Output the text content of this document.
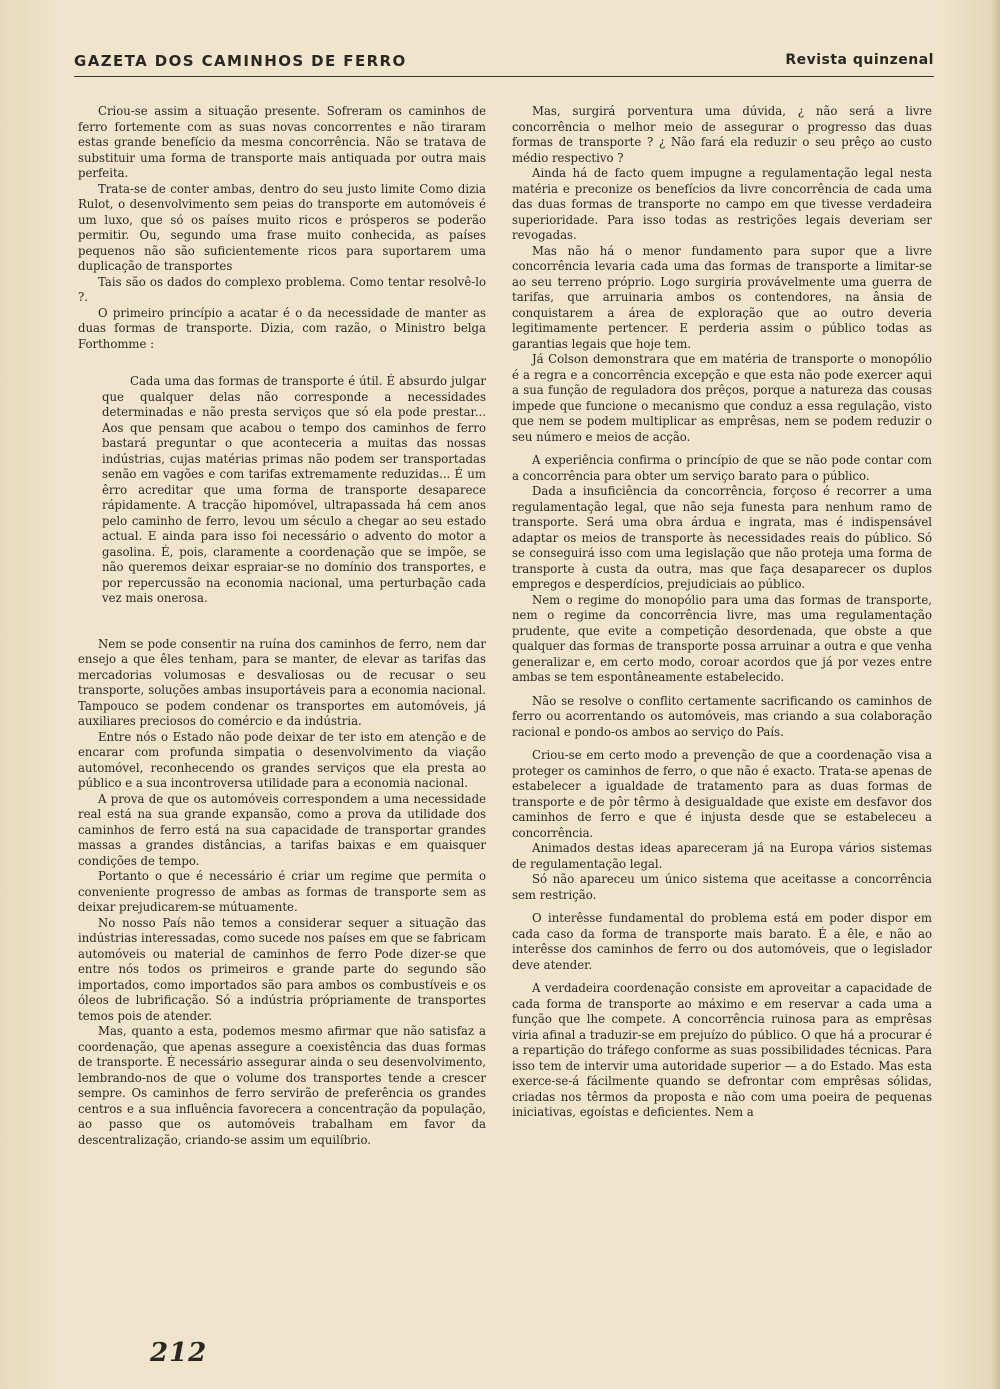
GAZETA DOS CAMINHOS DE FERRO	Revista quinzenal

Criou-se assim a situação presente. Sofreram os caminhos de ferro fortemente com as suas novas concorrentes e não tiraram estas grande benefício da mesma concorrência. Não se tratava de substituir uma forma de transporte mais antiquada por outra mais perfeita.

Trata-se de conter ambas, dentro do seu justo limite Como dizia Rulot, o desenvolvimento sem peias do transporte em automóveis é um luxo, que só os países muito ricos e prósperos se poderão permitir. Ou, segundo uma frase muito conhecida, as países pequenos não são suficientemente ricos para suportarem uma duplicação de transportes

Tais são os dados do complexo problema. Como tentar resolvê-lo ?.

O primeiro princípio a acatar é o da necessidade de manter as duas formas de transporte. Dizia, com razão, o Ministro belga Forthomme :

Cada uma das formas de transporte é útil. É absurdo julgar que qualquer delas não corresponde a necessidades determinadas e não presta serviços que só ela pode prestar... Aos que pensam que acabou o tempo dos caminhos de ferro bastará preguntar o que aconteceria a muitas das nossas indústrias, cujas matérias primas não podem ser transportadas senão em vagões e com tarifas extremamente reduzidas... É um êrro acreditar que uma forma de transporte desaparece rápidamente. A tracção hipomóvel, ultrapassada há cem anos pelo caminho de ferro, levou um século a chegar ao seu estado actual. E ainda para isso foi necessário o advento do motor a gasolina. É, pois, claramente a coordenação que se impõe, se não queremos deixar espraiar-se no domínio dos transportes, e por repercussão na economia nacional, uma perturbação cada vez mais onerosa.

Nem se pode consentir na ruína dos caminhos de ferro, nem dar ensejo a que êles tenham, para se manter, de elevar as tarifas das mercadorias volumosas e desvaliosas ou de recusar o seu transporte, soluções ambas insuportáveis para a economia nacional. Tampouco se podem condenar os transportes em automóveis, já auxiliares preciosos do comércio e da indústria.

Entre nós o Estado não pode deixar de ter isto em atenção e de encarar com profunda simpatia o desenvolvimento da viação automóvel, reconhecendo os grandes serviços que ela presta ao público e a sua incontroversa utilidade para a economia nacional.

A prova de que os automóveis correspondem a uma necessidade real está na sua grande expansão, como a prova da utilidade dos caminhos de ferro está na sua capacidade de transportar grandes massas a grandes distâncias, a tarifas baixas e em quaisquer condições de tempo.

Portanto o que é necessário é criar um regime que permita o conveniente progresso de ambas as formas de transporte sem as deixar prejudicarem-se mútuamente.

No nosso País não temos a considerar sequer a situação das indústrias interessadas, como sucede nos países em que se fabricam automóveis ou material de caminhos de ferro Pode dizer-se que entre nós todos os primeiros e grande parte do segundo são importados, como importados são para ambos os combustíveis e os óleos de lubrificação. Só a indústria própriamente de transportes temos pois de atender.

Mas, quanto a esta, podemos mesmo afirmar que não satisfaz a coordenação, que apenas assegure a coexistência das duas formas de transporte. É necessário assegurar ainda o seu desenvolvimento, lembrando-nos de que o volume dos transportes tende a crescer sempre. Os caminhos de ferro servirão de preferência os grandes centros e a sua influência favorecera a concentração da população, ao passo que os automóveis trabalham em favor da descentralização, criando-se assim um equilíbrio.

Mas, surgirá porventura uma dúvida, ¿ não será a livre concorrência o melhor meio de assegurar o progresso das duas formas de transporte ? ¿ Não fará ela reduzir o seu prêço ao custo médio respectivo ?

Ainda há de facto quem impugne a regulamentação legal nesta matéria e preconize os benefícios da livre concorrência de cada uma das duas formas de transporte no campo em que tivesse verdadeira superioridade. Para isso todas as restrições legais deveriam ser revogadas.

Mas não há o menor fundamento para supor que a livre concorrência levaria cada uma das formas de transporte a limitar-se ao seu terreno próprio. Logo surgiria provávelmente uma guerra de tarifas, que arruinaria ambos os contendores, na ânsia de conquistarem a área de exploração que ao outro deveria legitimamente pertencer. E perderia assim o público todas as garantias legais que hoje tem.

Já Colson demonstrara que em matéria de transporte o monopólio é a regra e a concorrência excepção e que esta não pode exercer aqui a sua função de reguladora dos prêços, porque a natureza das cousas impede que funcione o mecanismo que conduz a essa regulação, visto que nem se podem multiplicar as emprêsas, nem se podem reduzir o seu número e meios de acção.

A experiência confirma o princípio de que se não pode contar com a concorrência para obter um serviço barato para o público.

Dada a insuficiência da concorrência, forçoso é recorrer a uma regulamentação legal, que não seja funesta para nenhum ramo de transporte. Será uma obra árdua e ingrata, mas é indispensável adaptar os meios de transporte às necessidades reais do público. Só se conseguirá isso com uma legislação que não proteja uma forma de transporte à custa da outra, mas que faça desaparecer os duplos empregos e desperdícios, prejudiciais ao público.

Nem o regime do monopólio para uma das formas de transporte, nem o regime da concorrência livre, mas uma regulamentação prudente, que evite a competição desordenada, que obste a que qualquer das formas de transporte possa arruinar a outra e que venha generalizar e, em certo modo, coroar acordos que já por vezes entre ambas se tem espontâneamente estabelecido.

Não se resolve o conflito certamente sacrificando os caminhos de ferro ou acorrentando os automóveis, mas criando a sua colaboração racional e pondo-os ambos ao serviço do País.

Criou-se em certo modo a prevenção de que a coordenação visa a proteger os caminhos de ferro, o que não é exacto. Trata-se apenas de estabelecer a igualdade de tratamento para as duas formas de transporte e de pôr têrmo à desigualdade que existe em desfavor dos caminhos de ferro e que é injusta desde que se estabeleceu a concorrência.

Animados destas ideas apareceram já na Europa vários sistemas de regulamentação legal.

Só não apareceu um único sistema que aceitasse a concorrência sem restrição.

O interêsse fundamental do problema está em poder dispor em cada caso da forma de transporte mais barato. É a êle, e não ao interêsse dos caminhos de ferro ou dos automóveis, que o legislador deve atender.

A verdadeira coordenação consiste em aproveitar a capacidade de cada forma de transporte ao máximo e em reservar a cada uma a função que lhe compete. A concorrência ruinosa para as emprêsas viria afinal a traduzir-se em prejuízo do público. O que há a procurar é a repartição do tráfego conforme as suas possibilidades técnicas. Para isso tem de intervir uma autoridade superior — a do Estado. Mas esta exerce-se-á fácilmente quando se defrontar com emprêsas sólidas, criadas nos têrmos da proposta e não com uma poeira de pequenas iniciativas, egoístas e deficientes. Nem a

212
